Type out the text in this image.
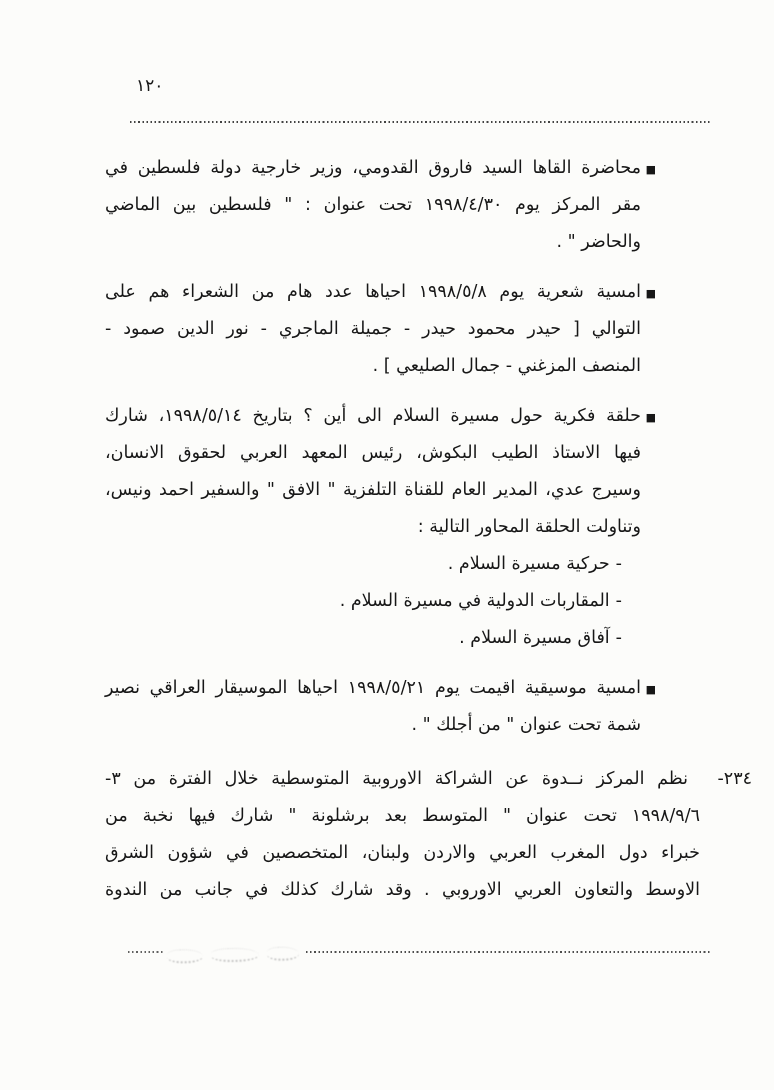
١٢٠
■
محاضرة القاها السيد فاروق القدومي، وزير خارجية دولة فلسطين في
مقر المركز يوم ١٩٩٨/٤/٣٠ تحت عنوان : " فلسطين بين الماضي
والحاضر " .
■
امسية شعرية يوم ١٩٩٨/٥/٨ احياها عدد هام من الشعراء هم على
التوالي [ حيدر محمود حيدر - جميلة الماجري - نور الدين صمود -
المنصف المزغني - جمال الصليعي ] .
■
حلقة فكرية حول مسيرة السلام الى أين ؟ بتاريخ ١٩٩٨/٥/١٤، شارك
فيها الاستاذ الطيب البكوش، رئيس المعهد العربي لحقوق الانسان،
وسيرج عدي، المدير العام للقناة التلفزية " الافق " والسفير احمد ونيس،
وتناولت الحلقة المحاور التالية :
-حركية مسيرة السلام .
-المقاربات الدولية في مسيرة السلام .
-آفاق مسيرة السلام .
■
امسية موسيقية اقيمت يوم ١٩٩٨/٥/٢١ احياها الموسيقار العراقي نصير
شمة تحت عنوان " من أجلك " .
٢٣٤-
نظم المركز نــدوة عن الشراكة الاوروبية المتوسطية خلال الفترة من ٣-
١٩٩٨/٩/٦ تحت عنوان " المتوسط بعد برشلونة " شارك فيها نخبة من
خبراء دول المغرب العربي والاردن ولبنان، المتخصصين في شؤون الشرق
الاوسط والتعاون العربي الاوروبي . وقد شارك كذلك في جانب من الندوة
